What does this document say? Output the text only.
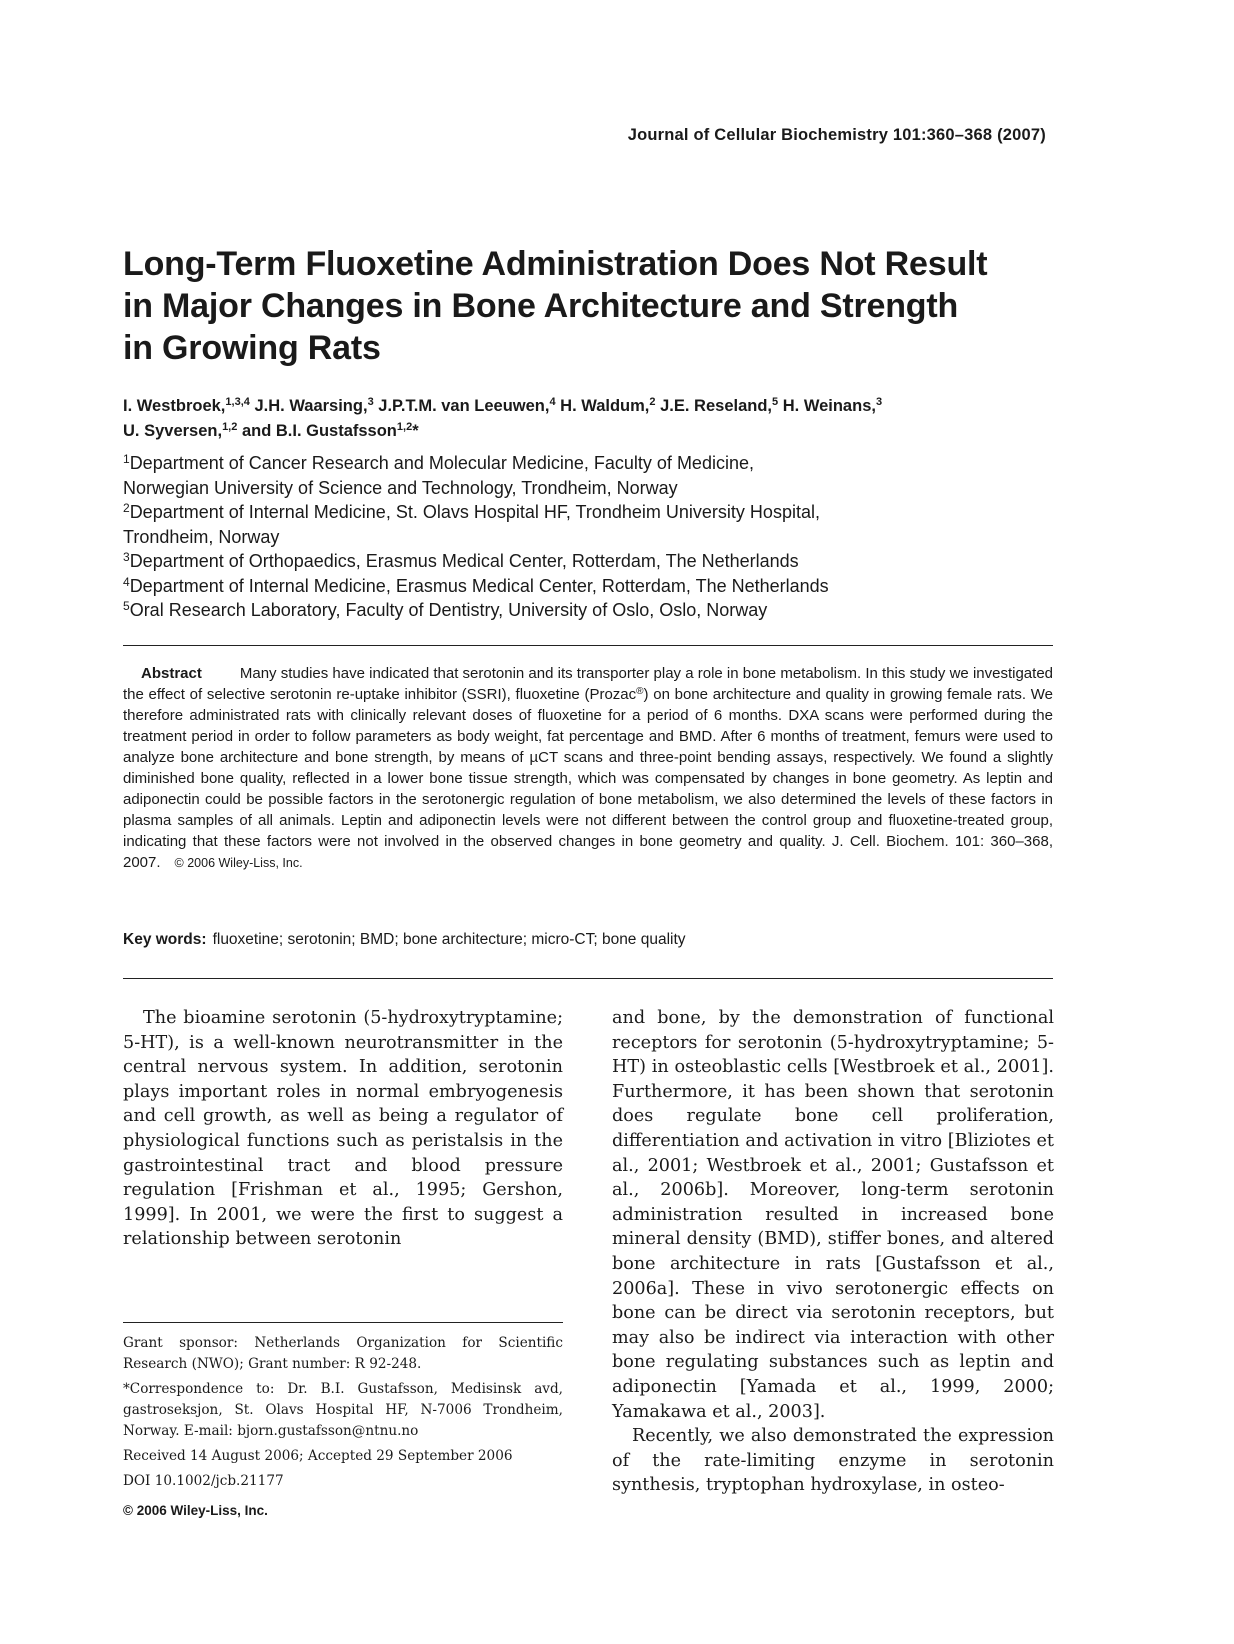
Journal of Cellular Biochemistry 101:360–368 (2007)
Long-Term Fluoxetine Administration Does Not Result
in Major Changes in Bone Architecture and Strength
in Growing Rats
I. Westbroek,$^{1,3,4}$ J.H. Waarsing,$^3$ J.P.T.M. van Leeuwen,$^4$ H. Waldum,$^2$ J.E. Reseland,$^5$ H. Weinans,$^3$
U. Syversen,$^{1,2}$ and B.I. Gustafsson$^{1,2}$*
$^1$Department of Cancer Research and Molecular Medicine, Faculty of Medicine,
Norwegian University of Science and Technology, Trondheim, Norway
$^2$Department of Internal Medicine, St. Olavs Hospital HF, Trondheim University Hospital,
Trondheim, Norway
$^3$Department of Orthopaedics, Erasmus Medical Center, Rotterdam, The Netherlands
$^4$Department of Internal Medicine, Erasmus Medical Center, Rotterdam, The Netherlands
$^5$Oral Research Laboratory, Faculty of Dentistry, University of Oslo, Oslo, Norway
Abstract	Many studies have indicated that serotonin and its transporter play a role in bone metabolism. In this study we investigated the effect of selective serotonin re-uptake inhibitor (SSRI), fluoxetine (Prozac®) on bone architecture and quality in growing female rats. We therefore administrated rats with clinically relevant doses of fluoxetine for a period of 6 months. DXA scans were performed during the treatment period in order to follow parameters as body weight, fat percentage and BMD. After 6 months of treatment, femurs were used to analyze bone architecture and bone strength, by means of µCT scans and three-point bending assays, respectively. We found a slightly diminished bone quality, reflected in a lower bone tissue strength, which was compensated by changes in bone geometry. As leptin and adiponectin could be possible factors in the serotonergic regulation of bone metabolism, we also determined the levels of these factors in plasma samples of all animals. Leptin and adiponectin levels were not different between the control group and fluoxetine-treated group, indicating that these factors were not involved in the observed changes in bone geometry and quality. J. Cell. Biochem. 101: 360–368, 2007. © 2006 Wiley-Liss, Inc.
Key words: fluoxetine; serotonin; BMD; bone architecture; micro-CT; bone quality

The bioamine serotonin (5-hydroxytryptamine; 5-HT), is a well-known neurotransmitter in the central nervous system. In addition, serotonin plays important roles in normal embryogenesis and cell growth, as well as being a regulator of physiological functions such as peristalsis in the gastrointestinal tract and blood pressure regulation [Frishman et al., 1995; Gershon, 1999]. In 2001, we were the first to suggest a relationship between serotonin

and bone, by the demonstration of functional receptors for serotonin (5-hydroxytryptamine; 5-HT) in osteoblastic cells [Westbroek et al., 2001]. Furthermore, it has been shown that serotonin does regulate bone cell proliferation, differentiation and activation in vitro [Bliziotes et al., 2001; Westbroek et al., 2001; Gustafsson et al., 2006b]. Moreover, long-term serotonin administration resulted in increased bone mineral density (BMD), stiffer bones, and altered bone architecture in rats [Gustafsson et al., 2006a]. These in vivo serotonergic effects on bone can be direct via serotonin receptors, but may also be indirect via interaction with other bone regulating substances such as leptin and adiponectin [Yamada et al., 1999, 2000; Yamakawa et al., 2003].

Recently, we also demonstrated the expression of the rate-limiting enzyme in serotonin synthesis, tryptophan hydroxylase, in osteo-

Grant sponsor: Netherlands Organization for Scientific Research (NWO); Grant number: R 92-248.

*Correspondence to: Dr. B.I. Gustafsson, Medisinsk avd, gastroseksjon, St. Olavs Hospital HF, N-7006 Trondheim, Norway. E-mail: bjorn.gustafsson@ntnu.no

Received 14 August 2006; Accepted 29 September 2006

DOI 10.1002/jcb.21177

© 2006 Wiley-Liss, Inc.
